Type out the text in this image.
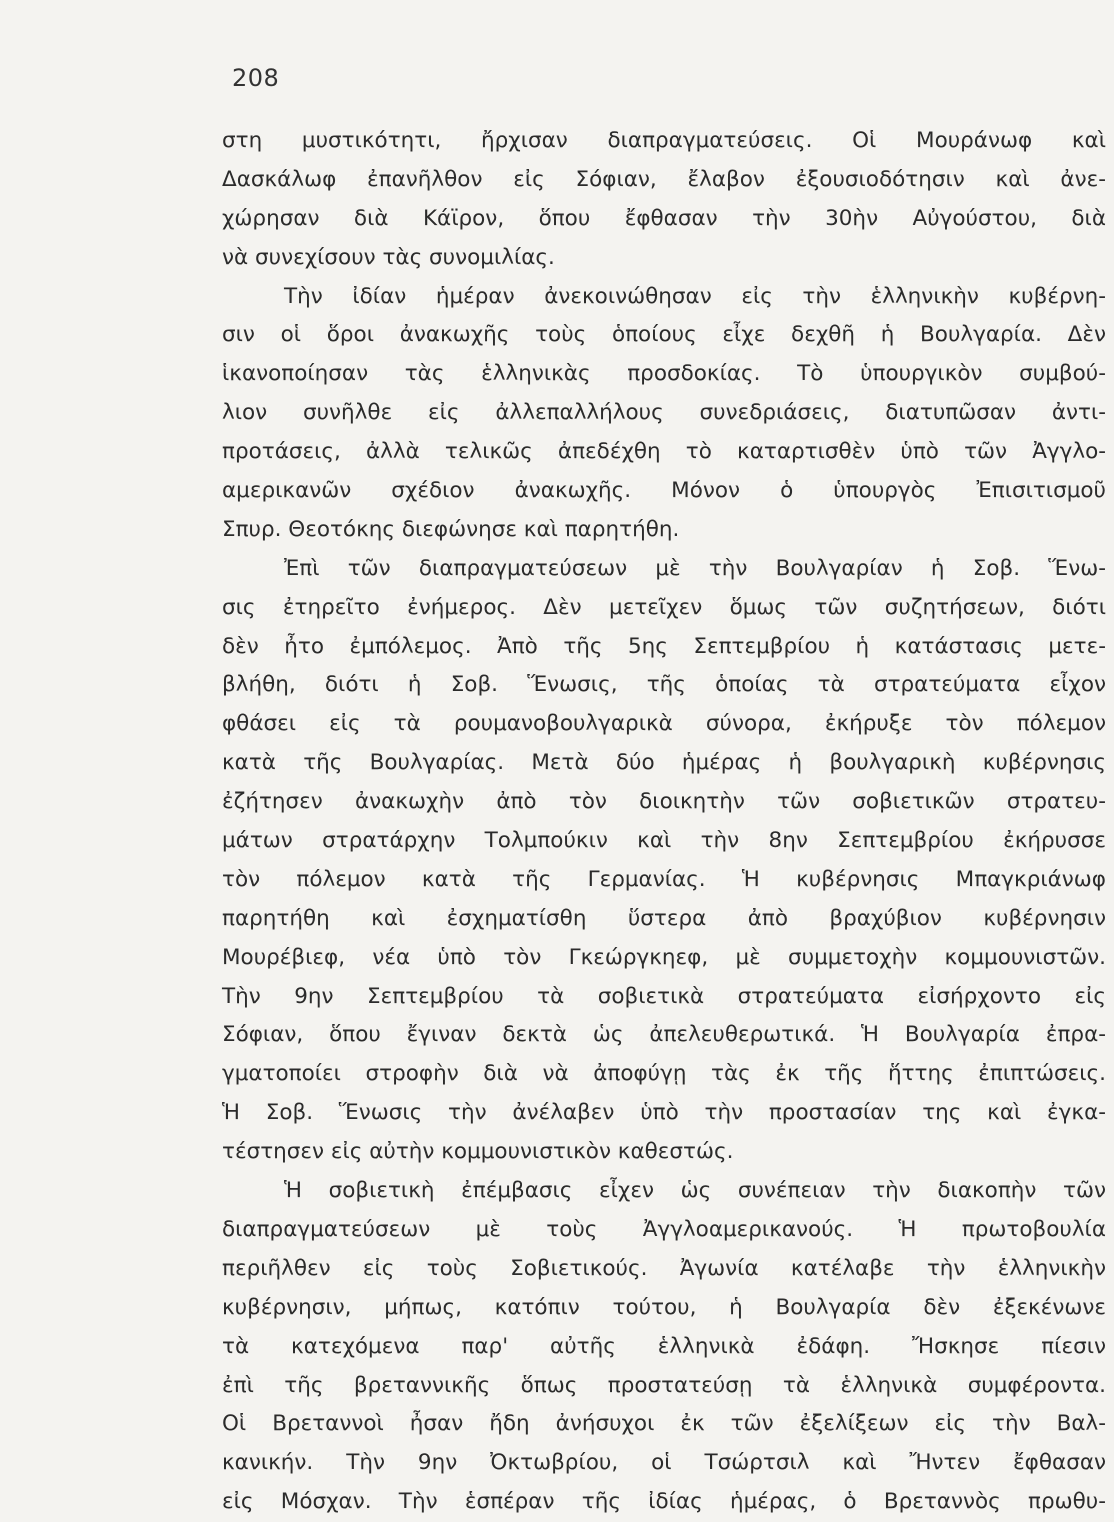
208
στη μυστικότητι, ἤρχισαν διαπραγματεύσεις. Οἱ Μουράνωφ καὶ
Δασκάλωφ ἐπανῆλθον εἰς Σόφιαν, ἔλαβον ἐξουσιοδότησιν καὶ ἀνε-
χώρησαν διὰ Κάϊρον, ὅπου ἔφθασαν τὴν 30ὴν Αὐγούστου, διὰ
νὰ συνεχίσουν τὰς συνομιλίας.
Τὴν ἰδίαν ἡμέραν ἀνεκοινώθησαν εἰς τὴν ἑλληνικὴν κυβέρνη-
σιν οἱ ὅροι ἀνακωχῆς τοὺς ὁποίους εἶχε δεχθῆ ἡ Βουλγαρία. Δὲν
ἱκανοποίησαν τὰς ἑλληνικὰς προσδοκίας. Τὸ ὑπουργικὸν συμβού-
λιον συνῆλθε εἰς ἀλλεπαλλήλους συνεδριάσεις, διατυπῶσαν ἀντι-
προτάσεις, ἀλλὰ τελικῶς ἀπεδέχθη τὸ καταρτισθὲν ὑπὸ τῶν Ἀγγλο-
αμερικανῶν σχέδιον ἀνακωχῆς. Μόνον ὁ ὑπουργὸς Ἐπισιτισμοῦ
Σπυρ. Θεοτόκης διεφώνησε καὶ παρητήθη.
Ἐπὶ τῶν διαπραγματεύσεων μὲ τὴν Βουλγαρίαν ἡ Σοβ. Ἕνω-
σις ἐτηρεῖτο ἐνήμερος. Δὲν μετεῖχεν ὅμως τῶν συζητήσεων, διότι
δὲν ἦτο ἐμπόλεμος. Ἀπὸ τῆς 5ης Σεπτεμβρίου ἡ κατάστασις μετε-
βλήθη, διότι ἡ Σοβ. Ἕνωσις, τῆς ὁποίας τὰ στρατεύματα εἶχον
φθάσει εἰς τὰ ρουμανοβουλγαρικὰ σύνορα, ἐκήρυξε τὸν πόλεμον
κατὰ τῆς Βουλγαρίας. Μετὰ δύο ἡμέρας ἡ βουλγαρικὴ κυβέρνησις
ἐζήτησεν ἀνακωχὴν ἀπὸ τὸν διοικητὴν τῶν σοβιετικῶν στρατευ-
μάτων στρατάρχην Τολμπούκιν καὶ τὴν 8ην Σεπτεμβρίου ἐκήρυσσε
τὸν πόλεμον κατὰ τῆς Γερμανίας. Ἡ κυβέρνησις Μπαγκριάνωφ
παρητήθη καὶ ἐσχηματίσθη ὕστερα ἀπὸ βραχύβιον κυβέρνησιν
Μουρέβιεφ, νέα ὑπὸ τὸν Γκεώργκηεφ, μὲ συμμετοχὴν κομμουνιστῶν.
Τὴν 9ην Σεπτεμβρίου τὰ σοβιετικὰ στρατεύματα εἰσήρχοντο εἰς
Σόφιαν, ὅπου ἔγιναν δεκτὰ ὡς ἀπελευθερωτικά. Ἡ Βουλγαρία ἐπρα-
γματοποίει στροφὴν διὰ νὰ ἀποφύγῃ τὰς ἐκ τῆς ἥττης ἐπιπτώσεις.
Ἡ Σοβ. Ἕνωσις τὴν ἀνέλαβεν ὑπὸ τὴν προστασίαν της καὶ ἐγκα-
τέστησεν εἰς αὐτὴν κομμουνιστικὸν καθεστώς.
Ἡ σοβιετικὴ ἐπέμβασις εἶχεν ὡς συνέπειαν τὴν διακοπὴν τῶν
διαπραγματεύσεων μὲ τοὺς Ἀγγλοαμερικανούς. Ἡ πρωτοβουλία
περιῆλθεν εἰς τοὺς Σοβιετικούς. Ἀγωνία κατέλαβε τὴν ἑλληνικὴν
κυβέρνησιν, μήπως, κατόπιν τούτου, ἡ Βουλγαρία δὲν ἐξεκένωνε
τὰ κατεχόμενα παρ' αὐτῆς ἑλληνικὰ ἐδάφη. Ἤσκησε πίεσιν
ἐπὶ τῆς βρεταννικῆς ὅπως προστατεύσῃ τὰ ἑλληνικὰ συμφέροντα.
Οἱ Βρεταννοὶ ἦσαν ἤδη ἀνήσυχοι ἐκ τῶν ἐξελίξεων εἰς τὴν Βαλ-
κανικήν. Τὴν 9ην Ὀκτωβρίου, οἱ Τσώρτσιλ καὶ Ἤντεν ἔφθασαν
εἰς Μόσχαν. Τὴν ἑσπέραν τῆς ἰδίας ἡμέρας, ὁ Βρεταννὸς πρωθυ-
